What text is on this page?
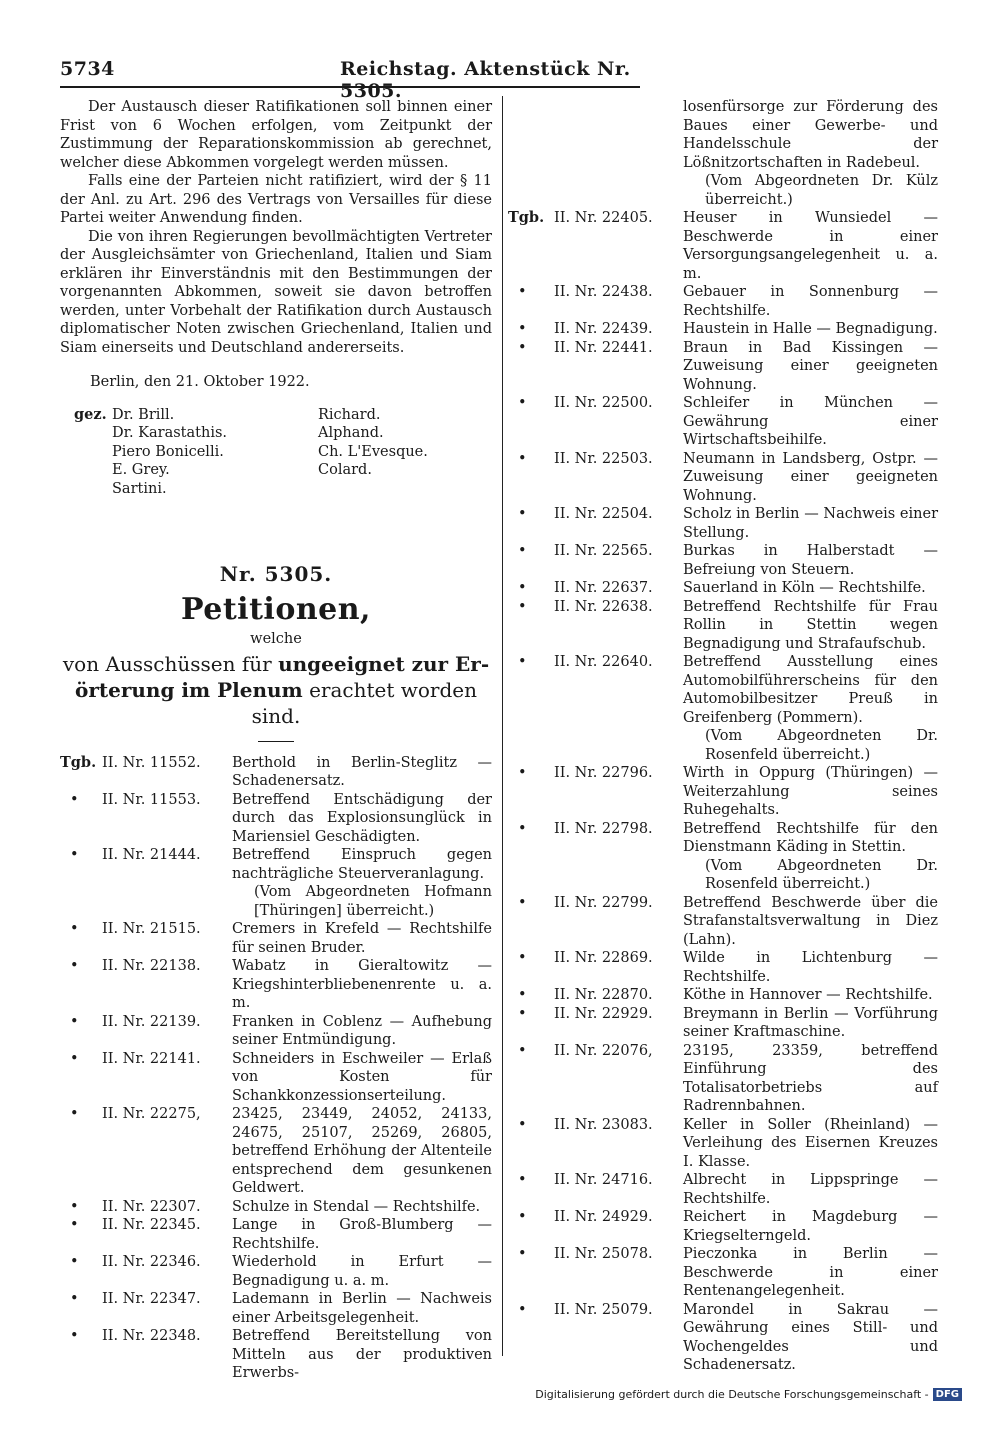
5734	Reichstag. Aktenstück Nr. 5305.

Der Austausch dieser Ratifikationen soll binnen einer Frist von 6 Wochen erfolgen, vom Zeitpunkt der Zustimmung der Reparationskommission ab gerechnet, welcher diese Abkommen vorgelegt werden müssen.

Falls eine der Parteien nicht ratifiziert, wird der § 11 der Anl. zu Art. 296 des Vertrags von Versailles für diese Partei weiter Anwendung finden.

Die von ihren Regierungen bevollmächtigten Vertreter der Ausgleichsämter von Griechenland, Italien und Siam erklären ihr Einverständnis mit den Bestimmungen der vorgenannten Abkommen, soweit sie davon betroffen werden, unter Vorbehalt der Ratifikation durch Austausch diplomatischer Noten zwischen Griechenland, Italien und Siam einerseits und Deutschland andererseits.

Berlin, den 21. Oktober 1922.
gez. Dr. Brill.
Dr. Karastathis.
Piero Bonicelli.
E. Grey.
Sartini.
Richard.
Alphand.
Ch. L'Evesque.
Colard.
Nr. 5305.
Petitionen,
welche
von Ausschüssen für ungeeignet zur Er-
örterung im Plenum erachtet worden sind.
Tgb. II. Nr. 11552. Berthold in Berlin-Steglitz — Schadenersatz.
• II. Nr. 11553. Betreffend Entschädigung der durch das Explosionsunglück in Mariensiel Geschädigten.
• II. Nr. 21444. Betreffend Einspruch gegen nachträgliche Steuerveranlagung.
(Vom Abgeordneten Hofmann [Thüringen] überreicht.)
• II. Nr. 21515. Cremers in Krefeld — Rechtshilfe für seinen Bruder.
• II. Nr. 22138. Wabatz in Gieraltowitz — Kriegshinterbliebenenrente u. a. m.
• II. Nr. 22139. Franken in Coblenz — Aufhebung seiner Entmündigung.
• II. Nr. 22141. Schneiders in Eschweiler — Erlaß von Kosten für Schankkonzessionserteilung.
• II. Nr. 22275, 23425, 23449, 24052, 24133, 24675, 25107, 25269, 26805, betreffend Erhöhung der Altenteile entsprechend dem gesunkenen Geldwert.
• II. Nr. 22307. Schulze in Stendal — Rechtshilfe.
• II. Nr. 22345. Lange in Groß-Blumberg — Rechtshilfe.
• II. Nr. 22346. Wiederhold in Erfurt — Begnadigung u. a. m.
• II. Nr. 22347. Lademann in Berlin — Nachweis einer Arbeitsgelegenheit.
• II. Nr. 22348. Betreffend Bereitstellung von Mitteln aus der produktiven Erwerbs-
losenfürsorge zur Förderung des Baues einer Gewerbe- und Handelsschule der Lößnitzortschaften in Radebeul.
(Vom Abgeordneten Dr. Külz überreicht.)
Tgb. II. Nr. 22405. Heuser in Wunsiedel — Beschwerde in einer Versorgungsangelegenheit u. a. m.
• II. Nr. 22438. Gebauer in Sonnenburg — Rechtshilfe.
• II. Nr. 22439. Haustein in Halle — Begnadigung.
• II. Nr. 22441. Braun in Bad Kissingen — Zuweisung einer geeigneten Wohnung.
• II. Nr. 22500. Schleifer in München — Gewährung einer Wirtschaftsbeihilfe.
• II. Nr. 22503. Neumann in Landsberg, Ostpr. — Zuweisung einer geeigneten Wohnung.
• II. Nr. 22504. Scholz in Berlin — Nachweis einer Stellung.
• II. Nr. 22565. Burkas in Halberstadt — Befreiung von Steuern.
• II. Nr. 22637. Sauerland in Köln — Rechtshilfe.
• II. Nr. 22638. Betreffend Rechtshilfe für Frau Rollin in Stettin wegen Begnadigung und Strafaufschub.
• II. Nr. 22640. Betreffend Ausstellung eines Automobilführerscheins für den Automobilbesitzer Preuß in Greifenberg (Pommern).
(Vom Abgeordneten Dr. Rosenfeld überreicht.)
• II. Nr. 22796. Wirth in Oppurg (Thüringen) — Weiterzahlung seines Ruhegehalts.
• II. Nr. 22798. Betreffend Rechtshilfe für den Dienstmann Käding in Stettin.
(Vom Abgeordneten Dr. Rosenfeld überreicht.)
• II. Nr. 22799. Betreffend Beschwerde über die Strafanstaltsverwaltung in Diez (Lahn).
• II. Nr. 22869. Wilde in Lichtenburg — Rechtshilfe.
• II. Nr. 22870. Köthe in Hannover — Rechtshilfe.
• II. Nr. 22929. Breymann in Berlin — Vorführung seiner Kraftmaschine.
• II. Nr. 22076, 23195, 23359, betreffend Einführung des Totalisatorbetriebs auf Radrennbahnen.
• II. Nr. 23083. Keller in Soller (Rheinland) — Verleihung des Eisernen Kreuzes I. Klasse.
• II. Nr. 24716. Albrecht in Lippspringe — Rechtshilfe.
• II. Nr. 24929. Reichert in Magdeburg — Kriegselterngeld.
• II. Nr. 25078. Pieczonka in Berlin — Beschwerde in einer Rentenangelegenheit.
• II. Nr. 25079. Marondel in Sakrau — Gewährung eines Still- und Wochengeldes und Schadenersatz.
Digitalisierung gefördert durch die Deutsche Forschungsgemeinschaft - DFG
